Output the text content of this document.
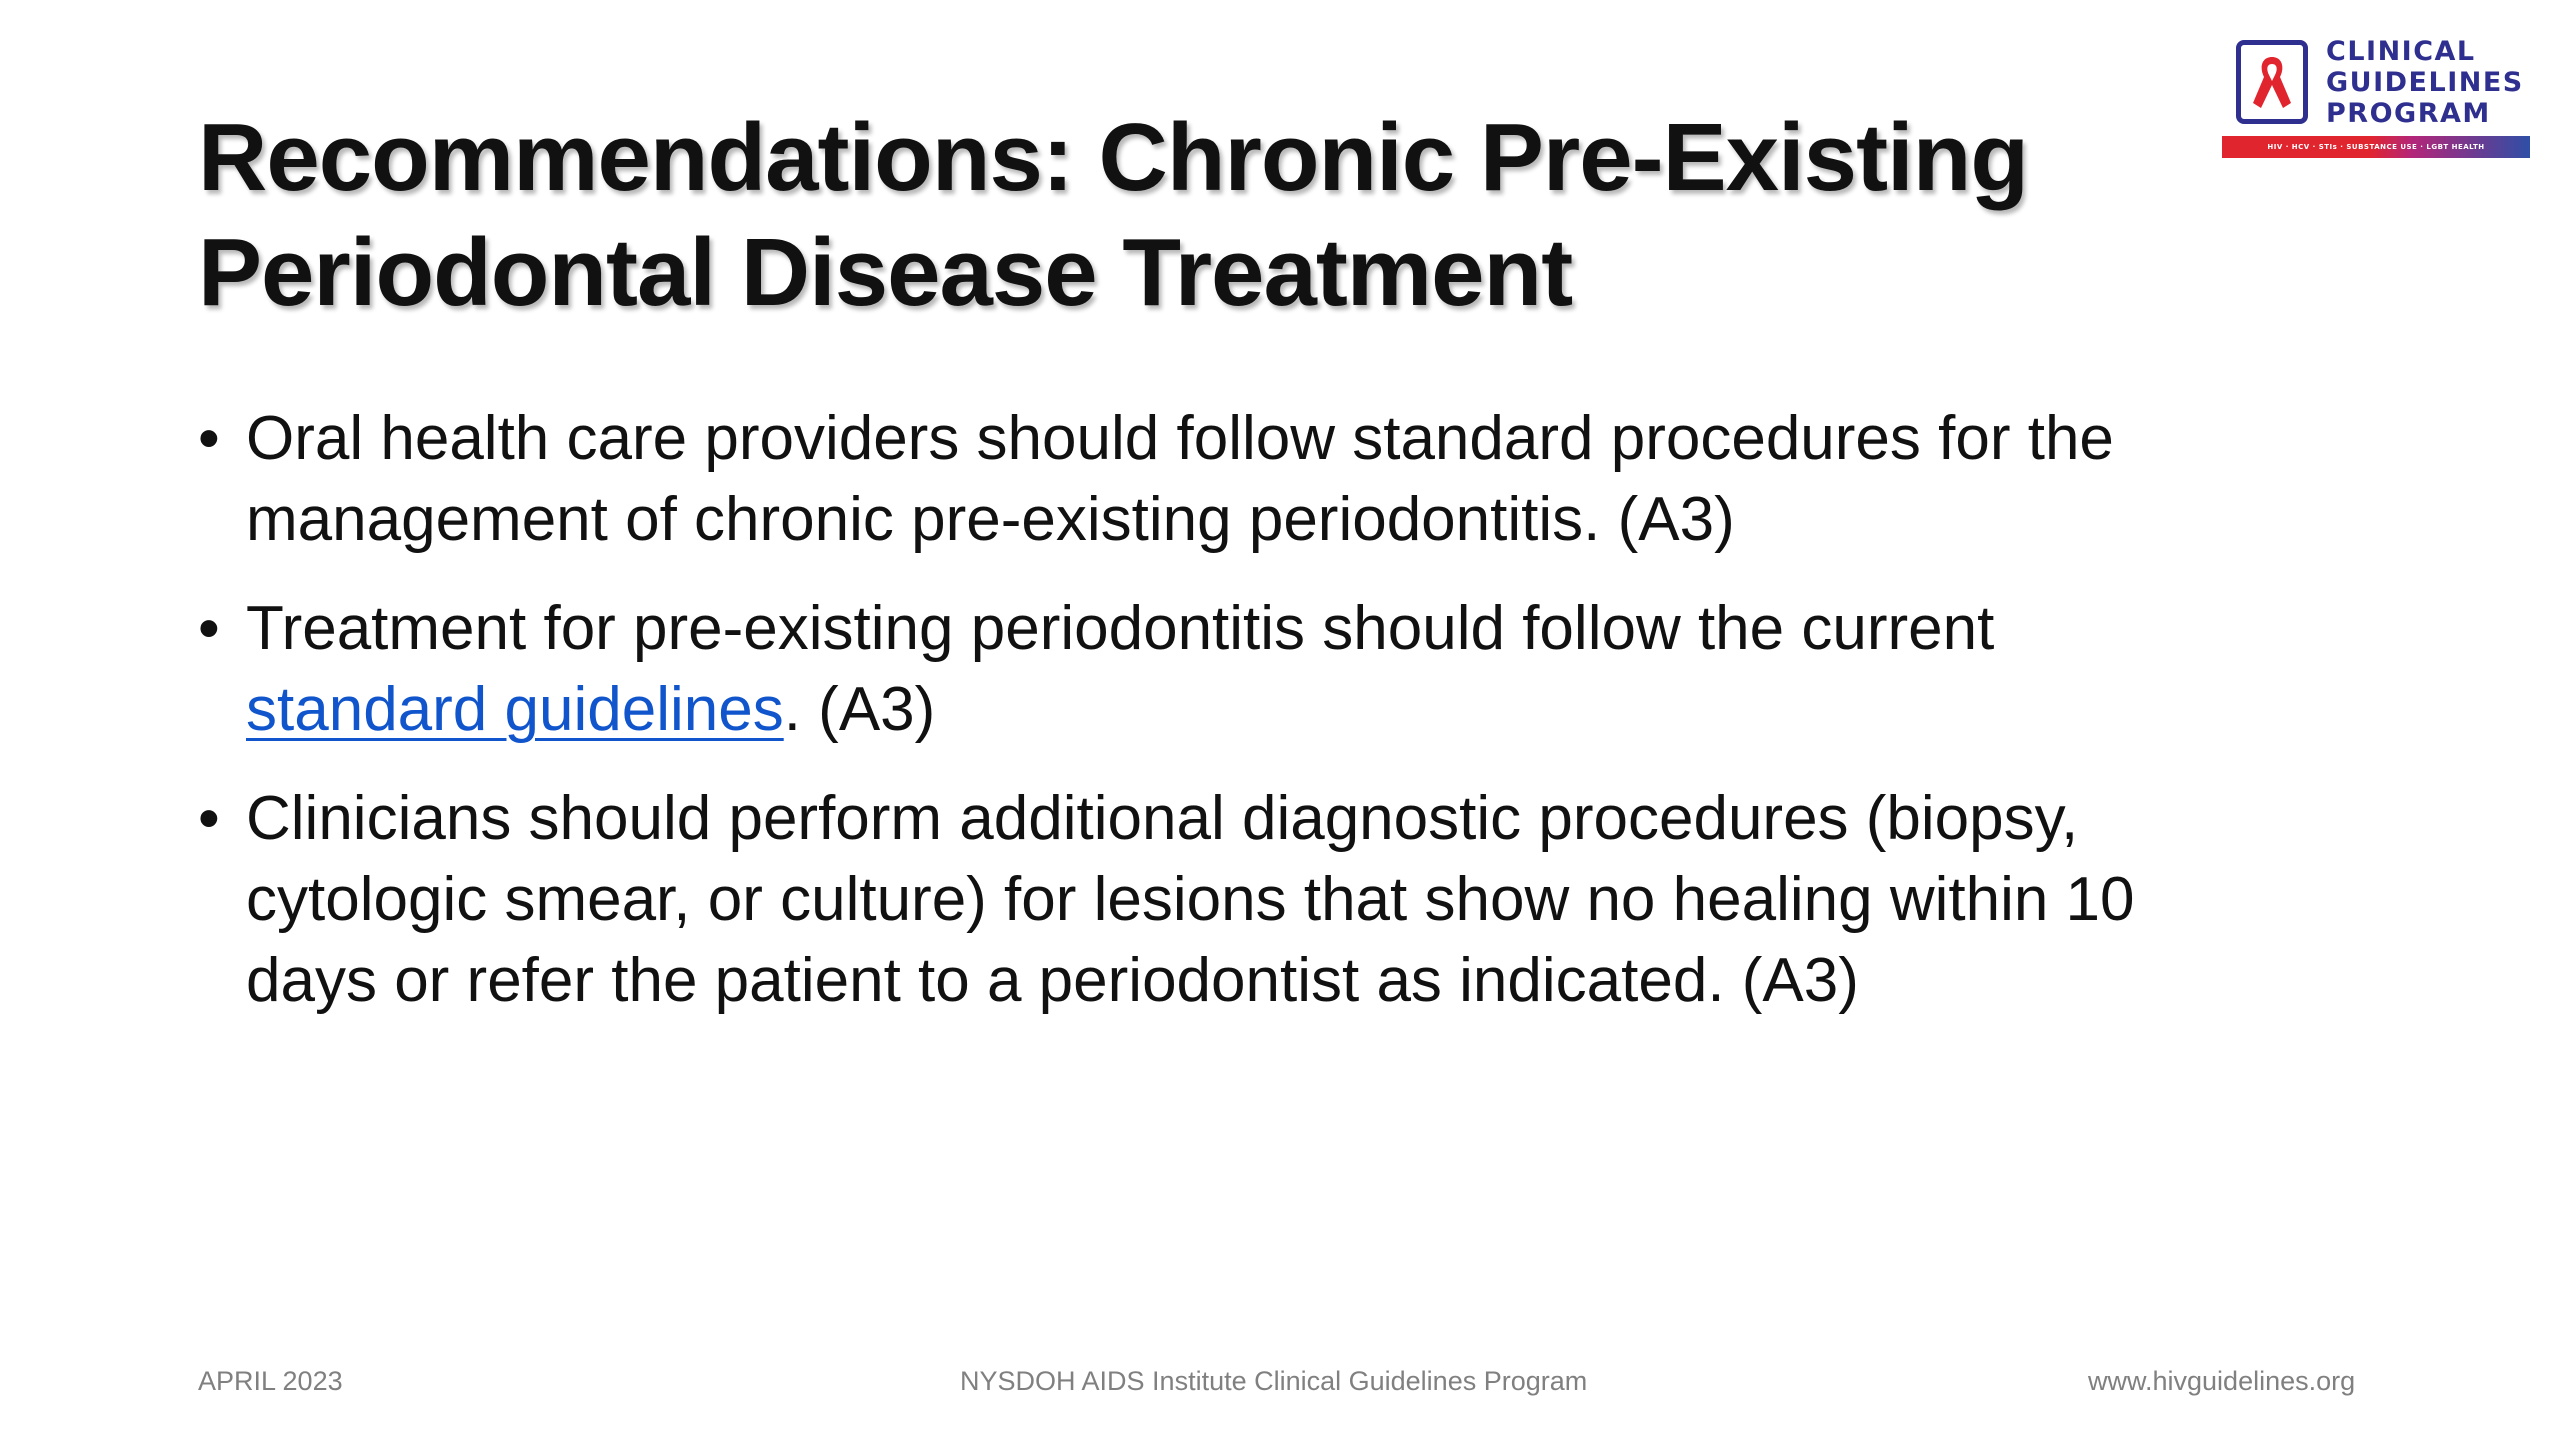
CLINICAL
GUIDELINES
PROGRAM
HIV · HCV · STIs · SUBSTANCE USE · LGBT HEALTH
Recommendations: Chronic Pre-Existing
Periodontal Disease Treatment
• Oral health care providers should follow standard procedures for the
management of chronic pre-existing periodontitis. (A3)
• Treatment for pre-existing periodontitis should follow the current
standard guidelines. (A3)
• Clinicians should perform additional diagnostic procedures (biopsy,
cytologic smear, or culture) for lesions that show no healing within 10
days or refer the patient to a periodontist as indicated. (A3)
APRIL 2023	NYSDOH AIDS Institute Clinical Guidelines Program	www.hivguidelines.org
